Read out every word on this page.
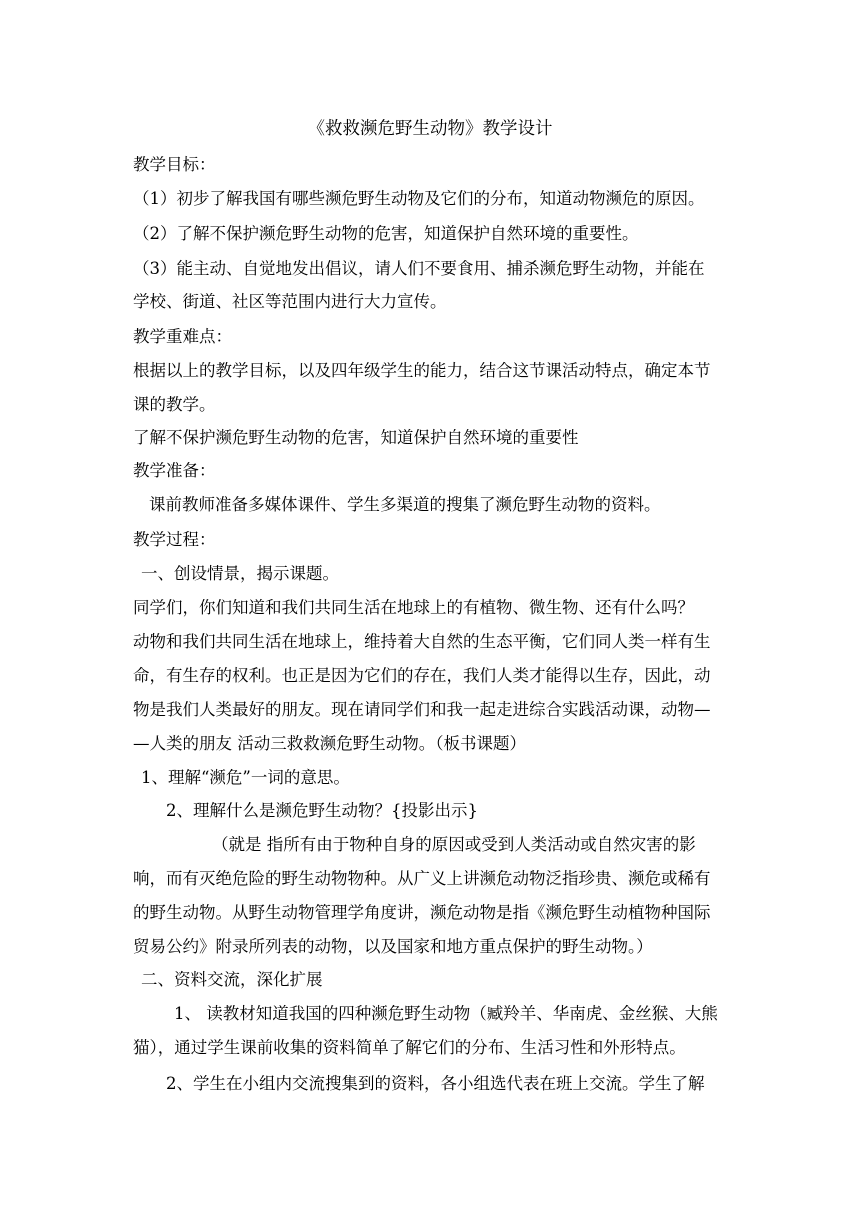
《救救濒危野生动物》教学设计
教学目标：
（1）初步了解我国有哪些濒危野生动物及它们的分布，知道动物濒危的原因。
（2）了解不保护濒危野生动物的危害，知道保护自然环境的重要性。
（3）能主动、自觉地发出倡议，请人们不要食用、捕杀濒危野生动物，并能在
学校、街道、社区等范围内进行大力宣传。
教学重难点：
根据以上的教学目标，以及四年级学生的能力，结合这节课活动特点，确定本节
课的教学。
了解不保护濒危野生动物的危害，知道保护自然环境的重要性
教学准备：
课前教师准备多媒体课件、学生多渠道的搜集了濒危野生动物的资料。
教学过程：
一、创设情景，揭示课题。
同学们，你们知道和我们共同生活在地球上的有植物、微生物、还有什么吗？
动物和我们共同生活在地球上，维持着大自然的生态平衡，它们同人类一样有生
命，有生存的权利。也正是因为它们的存在，我们人类才能得以生存，因此，动
物是我们人类最好的朋友。现在请同学们和我一起走进综合实践活动课，动物—
—人类的朋友 活动三救救濒危野生动物。（板书课题）
1、理解“濒危”一词的意思。
2、理解什么是濒危野生动物？{投影出示}
（就是 指所有由于物种自身的原因或受到人类活动或自然灾害的影
响，而有灭绝危险的野生动物物种。从广义上讲濒危动物泛指珍贵、濒危或稀有
的野生动物。从野生动物管理学角度讲，濒危动物是指《濒危野生动植物种国际
贸易公约》附录所列表的动物，以及国家和地方重点保护的野生动物。）
二、资料交流，深化扩展
1、 读教材知道我国的四种濒危野生动物（臧羚羊、华南虎、金丝猴、大熊
猫），通过学生课前收集的资料简单了解它们的分布、生活习性和外形特点。
2、学生在小组内交流搜集到的资料，各小组选代表在班上交流。学生了解
